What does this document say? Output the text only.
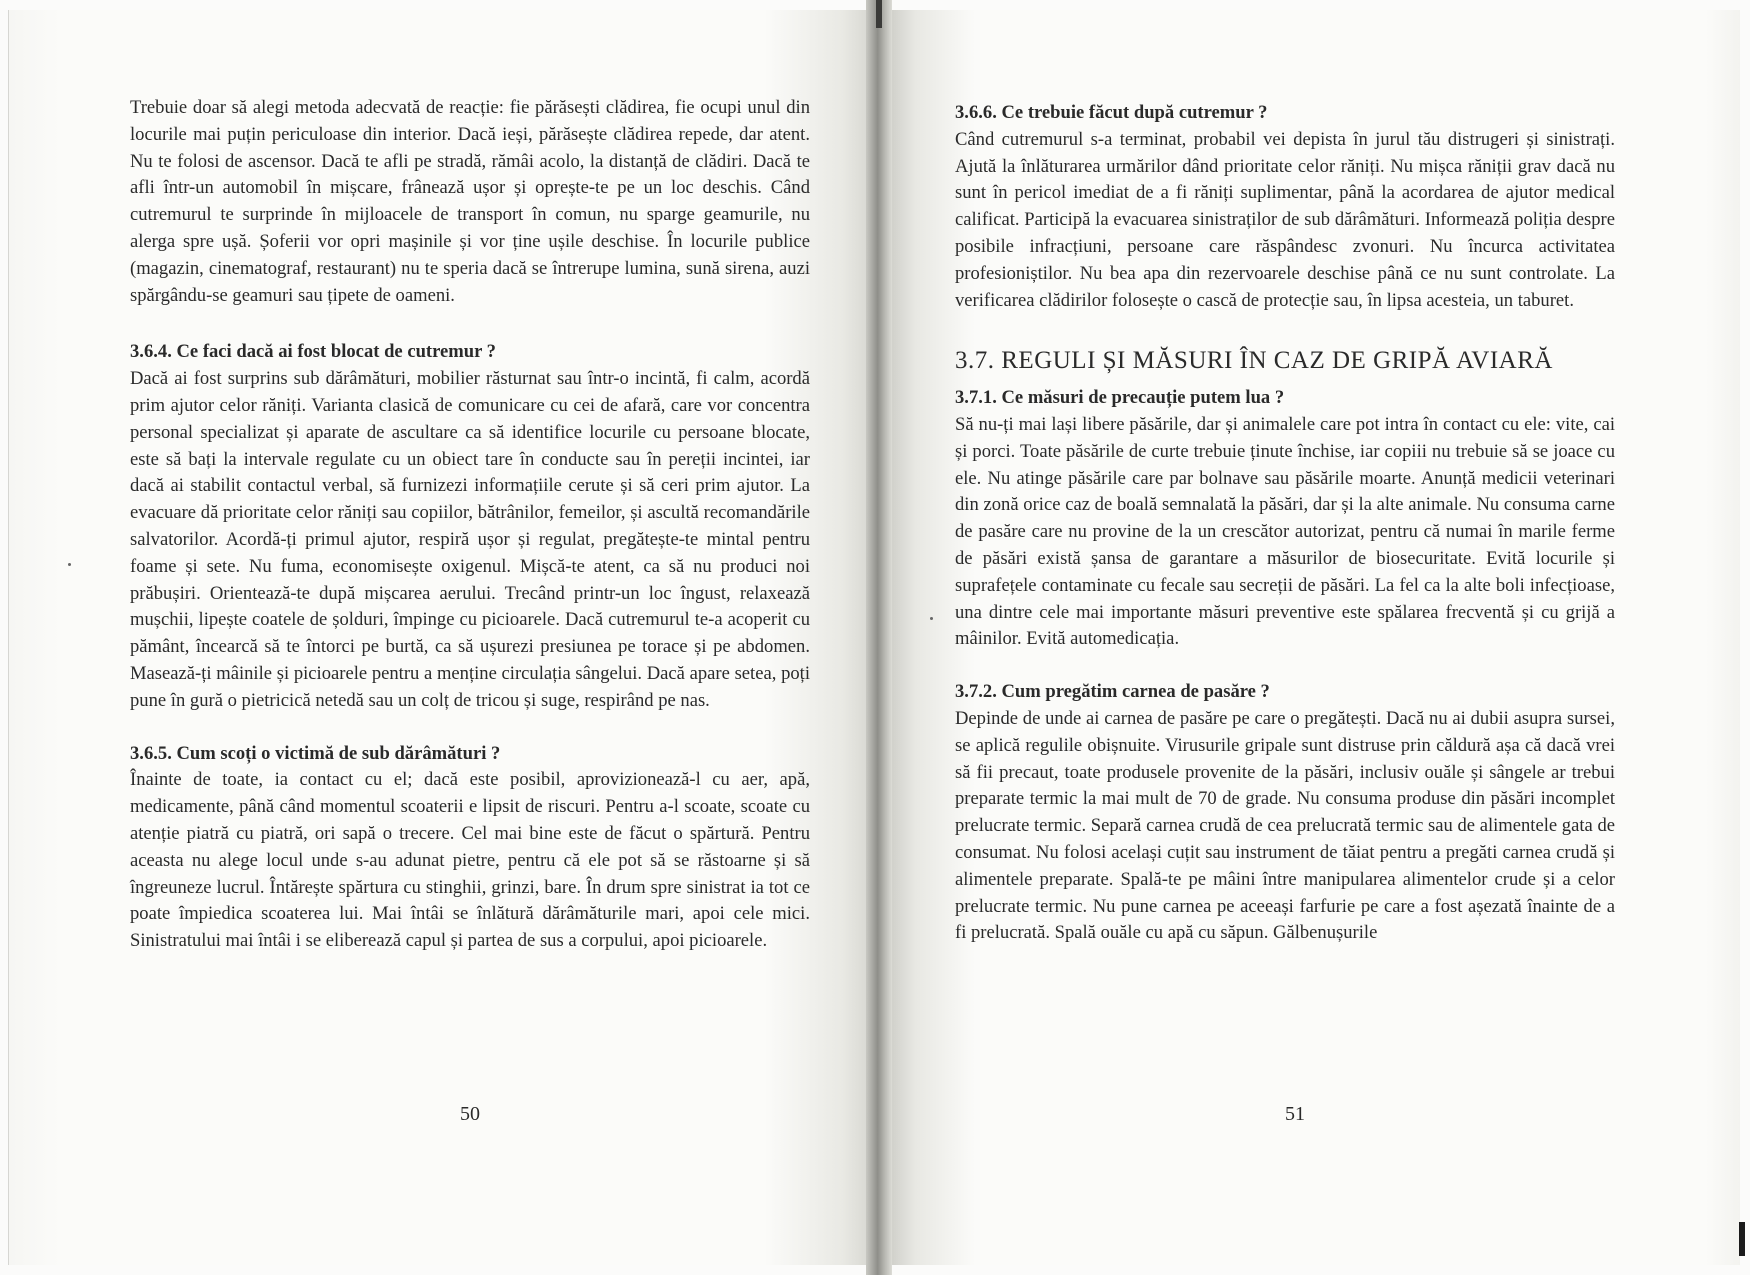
Trebuie doar să alegi metoda adecvată de reacție: fie părăsești clădirea, fie ocupi unul din locurile mai puțin periculoase din interior. Dacă ieși, părăsește clădirea repede, dar atent. Nu te folosi de ascensor. Dacă te afli pe stradă, rămâi acolo, la distanță de clădiri. Dacă te afli într-un automobil în mișcare, frânează ușor și oprește-te pe un loc deschis. Când cutremurul te surprinde în mijloacele de transport în comun, nu sparge geamurile, nu alerga spre ușă. Șoferii vor opri mașinile și vor ține ușile deschise. În locurile publice (magazin, cinematograf, restaurant) nu te speria dacă se întrerupe lumina, sună sirena, auzi spărgându-se geamuri sau țipete de oameni.

3.6.4. Ce faci dacă ai fost blocat de cutremur ?

Dacă ai fost surprins sub dărâmături, mobilier răsturnat sau într-o incintă, fi calm, acordă prim ajutor celor răniți. Varianta clasică de comunicare cu cei de afară, care vor concentra personal specializat și aparate de ascultare ca să identifice locurile cu persoane blocate, este să bați la intervale regulate cu un obiect tare în conducte sau în pereții incintei, iar dacă ai stabilit contactul verbal, să furnizezi informațiile cerute și să ceri prim ajutor. La evacuare dă prioritate celor răniți sau copiilor, bătrânilor, femeilor, și ascultă recomandările salvatorilor. Acordă-ți primul ajutor, respiră ușor și regulat, pregătește-te mintal pentru foame și sete. Nu fuma, economisește oxigenul. Mișcă-te atent, ca să nu produci noi prăbușiri. Orientează-te după mișcarea aerului. Trecând printr-un loc îngust, relaxează mușchii, lipește coatele de șolduri, împinge cu picioarele. Dacă cutremurul te-a acoperit cu pământ, încearcă să te întorci pe burtă, ca să ușurezi presiunea pe torace și pe abdomen. Masează-ți mâinile și picioarele pentru a menține circulația sângelui. Dacă apare setea, poți pune în gură o pietricică netedă sau un colț de tricou și suge, respirând pe nas.

3.6.5. Cum scoți o victimă de sub dărâmături ?

Înainte de toate, ia contact cu el; dacă este posibil, aprovizionează-l cu aer, apă, medicamente, până când momentul scoaterii e lipsit de riscuri. Pentru a-l scoate, scoate cu atenție piatră cu piatră, ori sapă o trecere. Cel mai bine este de făcut o spărtură. Pentru aceasta nu alege locul unde s-au adunat pietre, pentru că ele pot să se răstoarne și să îngreuneze lucrul. Întărește spărtura cu stinghii, grinzi, bare. În drum spre sinistrat ia tot ce poate împiedica scoaterea lui. Mai întâi se înlătură dărâmăturile mari, apoi cele mici. Sinistratului mai întâi i se eliberează capul și partea de sus a corpului, apoi picioarele.

50

3.6.6. Ce trebuie făcut după cutremur ?

Când cutremurul s-a terminat, probabil vei depista în jurul tău distrugeri și sinistrați. Ajută la înlăturarea urmărilor dând prioritate celor răniți. Nu mișca răniții grav dacă nu sunt în pericol imediat de a fi răniți suplimentar, până la acordarea de ajutor medical calificat. Participă la evacuarea sinistraților de sub dărâmături. Informează poliția despre posibile infracțiuni, persoane care răspândesc zvonuri. Nu încurca activitatea profesioniștilor. Nu bea apa din rezervoarele deschise până ce nu sunt controlate. La verificarea clădirilor folosește o cască de protecție sau, în lipsa acesteia, un taburet.

3.7. REGULI ȘI MĂSURI ÎN CAZ DE GRIPĂ AVIARĂ

3.7.1. Ce măsuri de precauție putem lua ?

Să nu-ți mai lași libere păsările, dar și animalele care pot intra în contact cu ele: vite, cai și porci. Toate păsările de curte trebuie ținute închise, iar copiii nu trebuie să se joace cu ele. Nu atinge păsările care par bolnave sau păsările moarte. Anunță medicii veterinari din zonă orice caz de boală semnalată la păsări, dar și la alte animale. Nu consuma carne de pasăre care nu provine de la un crescător autorizat, pentru că numai în marile ferme de păsări există șansa de garantare a măsurilor de biosecuritate. Evită locurile și suprafețele contaminate cu fecale sau secreții de păsări. La fel ca la alte boli infecțioase, una dintre cele mai importante măsuri preventive este spălarea frecventă și cu grijă a mâinilor. Evită automedicația.

3.7.2. Cum pregătim carnea de pasăre ?

Depinde de unde ai carnea de pasăre pe care o pregătești. Dacă nu ai dubii asupra sursei, se aplică regulile obișnuite. Virusurile gripale sunt distruse prin căldură așa că dacă vrei să fii precaut, toate produsele provenite de la păsări, inclusiv ouăle și sângele ar trebui preparate termic la mai mult de 70 de grade. Nu consuma produse din păsări incomplet prelucrate termic. Separă carnea crudă de cea prelucrată termic sau de alimentele gata de consumat. Nu folosi același cuțit sau instrument de tăiat pentru a pregăti carnea crudă și alimentele preparate. Spală-te pe mâini între manipularea alimentelor crude și a celor prelucrate termic. Nu pune carnea pe aceeași farfurie pe care a fost așezată înainte de a fi prelucrată. Spală ouăle cu apă cu săpun. Gălbenușurile

51
